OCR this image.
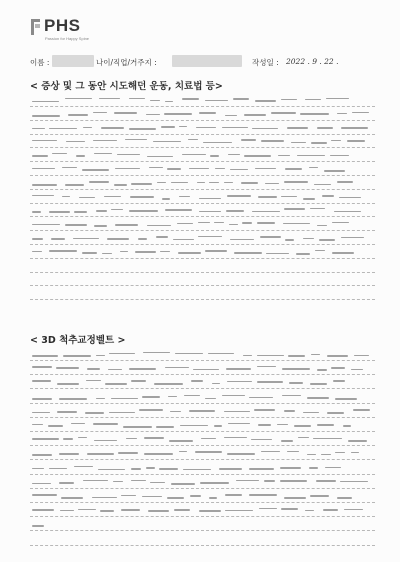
PHS
Passion for Happy Spine
이름 :	나이/직업/거주지 :	작성일 : 2022 . 9 . 22 .
< 증상 및 그 동안 시도해던 운동, 치료법 등>
< 3D 척추교정벨트 >
